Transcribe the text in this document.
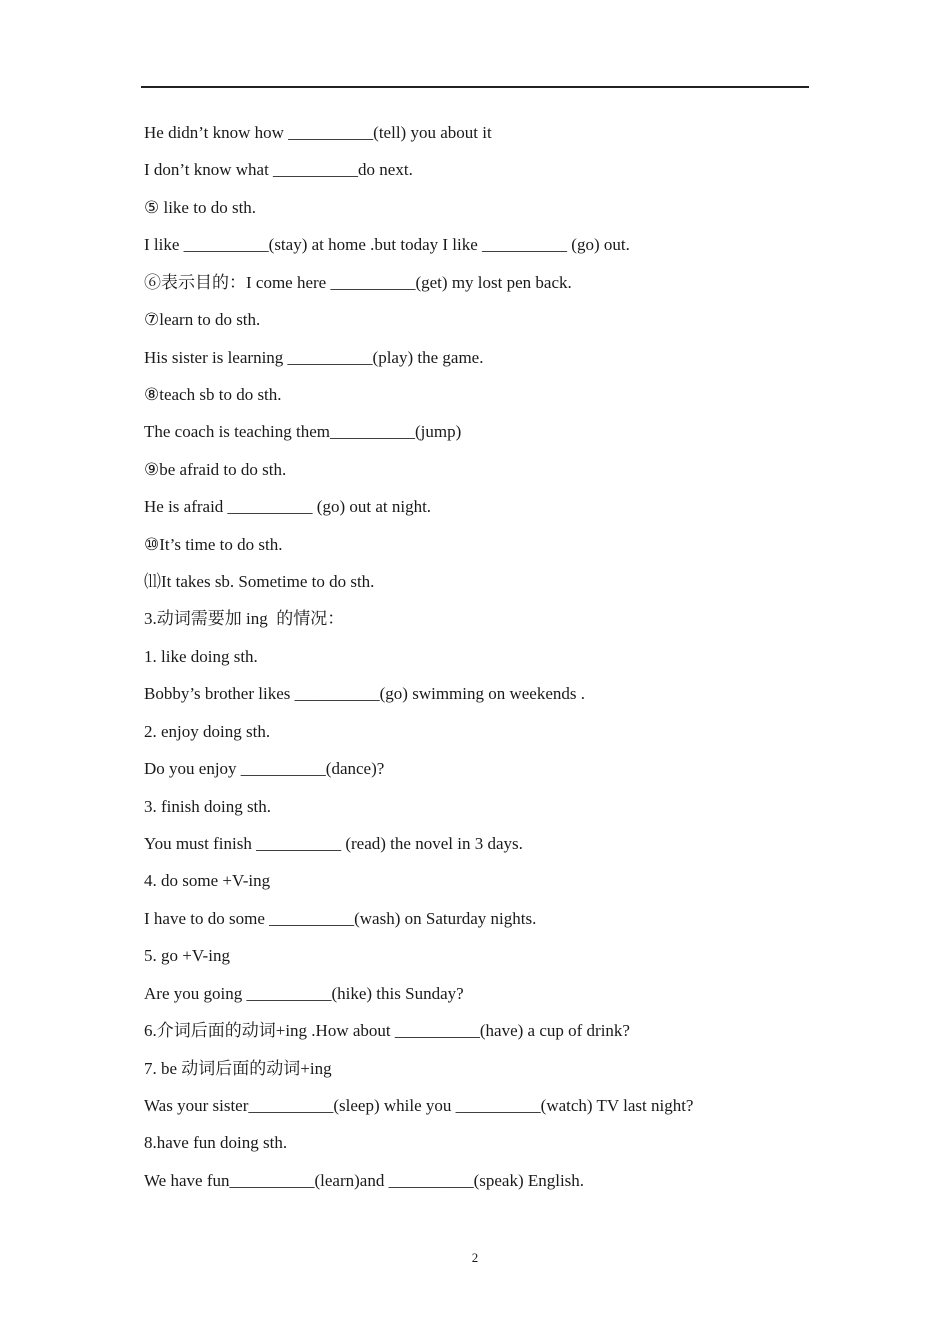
He didn’t know how __________(tell) you about it
I don’t know what __________do next.
⑤ like to do sth.
I like __________(stay) at home .but today I like __________ (go) out.
⑥表示目的：I come here __________(get) my lost pen back.
⑦learn to do sth.
His sister is learning __________(play) the game.
⑧teach sb to do sth.
The coach is teaching them__________(jump)
⑨be afraid to do sth.
He is afraid __________ (go) out at night.
⑩It’s time to do sth.
⑾It takes sb. Sometime to do sth.
3.动词需要加 ing  的情况：
1. like doing sth.
Bobby’s brother likes __________(go) swimming on weekends .
2. enjoy doing sth.
Do you enjoy __________(dance)?
3. finish doing sth.
You must finish __________ (read) the novel in 3 days.
4. do some +V-ing
I have to do some __________(wash) on Saturday nights.
5. go +V-ing
Are you going __________(hike) this Sunday?
6.介词后面的动词+ing .How about __________(have) a cup of drink?
7. be 动词后面的动词+ing
Was your sister__________(sleep) while you __________(watch) TV last night?
8.have fun doing sth.
We have fun__________(learn)and __________(speak) English.
2
